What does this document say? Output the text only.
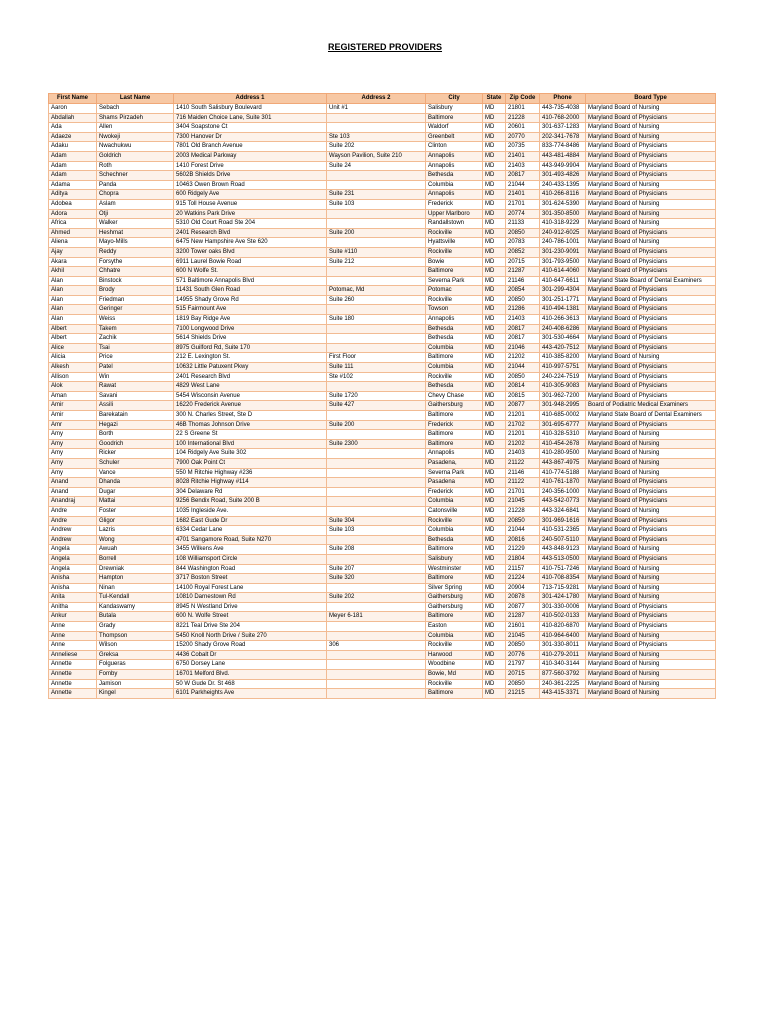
REGISTERED PROVIDERS
First Name	Last Name	Address 1	Address 2	City	State	Zip Code	Phone	Board Type
Aaron	Sebach	1410 South Salisbury Boulevard	Unit #1	Salisbury	MD	21801	443-735-4038	Maryland Board of Nursing
Abdallah	Shams Pirzadeh	716 Maiden Choice Lane, Suite 301		Baltimore	MD	21228	410-768-2000	Maryland Board of Physicians
Ada	Allen	3404 Soapstone Ct		Waldorf	MD	20601	301-637-1283	Maryland Board of Nursing
Adaeze	Nwokeji	7300 Hanover Dr	Ste 103	Greenbelt	MD	20770	202-341-7678	Maryland Board of Nursing
Adaku	Nwachukwu	7801 Old Branch Avenue	Suite 202	Clinton	MD	20735	833-774-8486	Maryland Board of Physicians
Adam	Goldrich	2003 Medical Parkway	Wayson Pavilion, Suite 210	Annapolis	MD	21401	443-481-4884	Maryland Board of Physicians
Adam	Roth	1410 Forest Drive	Suite 24	Annapolis	MD	21403	443-949-9904	Maryland Board of Physicians
Adam	Schechner	5602B Shields Drive		Bethesda	MD	20817	301-493-4826	Maryland Board of Physicians
Adama	Panda	10463 Owen Brown Road		Columbia	MD	21044	240-433-1395	Maryland Board of Nursing
Aditya	Chopra	600 Ridgely Ave	Suite 231	Annapolis	MD	21401	410-266-8116	Maryland Board of Physicians
Adobea	Aslam	915 Toll House Avenue	Suite 103	Frederick	MD	21701	301-624-5390	Maryland Board of Nursing
Adora	Otji	20 Watkins Park Drive		Upper Marlboro	MD	20774	301-350-8500	Maryland Board of Nursing
Africa	Walker	5310 Old Court Road Ste 204		Randallstown	MD	21133	410-318-9229	Maryland Board of Nursing
Ahmed	Heshmat	2401 Research Blvd	Suite 200	Rockville	MD	20850	240-912-6025	Maryland Board of Physicians
Aliena	Mayo-Mills	6475 New Hampshire Ave Ste 620		Hyattsville	MD	20783	240-786-1001	Maryland Board of Nursing
Ajay	Reddy	3200 Tower oaks Blvd	Suite #110	Rockville	MD	20852	301-230-9091	Maryland Board of Physicians
Akara	Forsythe	6911 Laurel Bowie Road	Suite 212	Bowie	MD	20715	301-793-9500	Maryland Board of Physicians
Akhil	Chhatre	600 N Wolfe St.		Baltimore	MD	21287	410-614-4060	Maryland Board of Physicians
Alan	Binstock	571 Baltimore Annapolis Blvd		Severna Park	MD	21146	410-647-6611	Maryland State Board of Dental Examiners
Alan	Brody	11431 South Glen Road	Potomac, Md	Potomac	MD	20854	301-299-4304	Maryland Board of Physicians
Alan	Friedman	14955 Shady Grove Rd	Suite 260	Rockville	MD	20850	301-251-1771	Maryland Board of Physicians
Alan	Geringer	515 Fairmount Ave		Towson	MD	21286	410-494-1381	Maryland Board of Physicians
Alan	Weiss	1819 Bay Ridge Ave	Suite 180	Annapolis	MD	21403	410-266-3613	Maryland Board of Physicians
Albert	Takem	7100 Longwood Drive		Bethesda	MD	20817	240-408-6286	Maryland Board of Physicians
Albert	Zachik	5614 Shields Drive		Bethesda	MD	20817	301-530-4664	Maryland Board of Physicians
Alice	Tsai	8975 Guilford Rd, Suite 170		Columbia	MD	21046	443-420-7512	Maryland Board of Physicians
Alicia	Price	212 E. Lexington St.	First Floor	Baltimore	MD	21202	410-385-8200	Maryland Board of Nursing
Alkesh	Patel	10632 Little Patuxent Pkwy	Suite 111	Columbia	MD	21044	410-997-5751	Maryland Board of Physicians
Allison	Win	2401 Research Blvd	Ste #102	Rockville	MD	20850	240-224-7519	Maryland Board of Physicians
Alok	Rawat	4829 West Lane		Bethesda	MD	20814	410-305-9083	Maryland Board of Physicians
Aman	Savani	5454 Wisconsin Avenue	Suite 1720	Chevy Chase	MD	20815	301-962-7200	Maryland Board of Physicians
Amir	Assili	16220 Frederick Avenue	Suite 427	Gaithersburg	MD	20877	301-948-2995	Board of Podiatric Medical Examiners
Amir	Barekatain	300 N. Charles Street, Ste D		Baltimore	MD	21201	410-685-0002	Maryland State Board of Dental Examiners
Amr	Hegazi	46B Thomas Johnson Drive	Suite 200	Frederick	MD	21702	301-695-6777	Maryland Board of Physicians
Amy	Borth	22 S Greene St		Baltimore	MD	21201	410-328-5310	Maryland Board of Nursing
Amy	Goodrich	100 International Blvd	Suite 2300	Baltimore	MD	21202	410-454-2678	Maryland Board of Nursing
Amy	Ricker	104 Ridgely Ave Suite 302		Annapolis	MD	21403	410-280-9500	Maryland Board of Nursing
Amy	Schuler	7900 Oak Point Ct		Pasadena,	MD	21122	443-867-4975	Maryland Board of Nursing
Amy	Vance	550 M Ritchie Highway #236		Severna Park	MD	21146	410-774-5188	Maryland Board of Nursing
Anand	Dhanda	8028 Ritchie Highway #114		Pasadena	MD	21122	410-761-1870	Maryland Board of Physicians
Anand	Dugar	304 Delaware Rd		Frederick	MD	21701	240-356-1000	Maryland Board of Physicians
Anandraj	Mattai	9256 Bendix Road, Suite 200 B		Columbia	MD	21045	443-542-0773	Maryland Board of Physicians
Andre	Foster	1035 Ingleside Ave.		Catonsville	MD	21228	443-324-6841	Maryland Board of Nursing
Andre	Gligor	1682 East Gude Dr	Suite 304	Rockville	MD	20850	301-969-1616	Maryland Board of Physicians
Andrew	Lazris	6334 Cedar Lane	Suite 103	Columbia	MD	21044	410-531-2365	Maryland Board of Physicians
Andrew	Wong	4701 Sangamore Road, Suite N270		Bethesda	MD	20816	240-507-5110	Maryland Board of Physicians
Angela	Awuah	3455 Wilkens Ave	Suite 208	Baltimore	MD	21229	443-848-9123	Maryland Board of Nursing
Angela	Borrell	108 Williamsport Circle		Salisbury	MD	21804	443-513-0500	Maryland Board of Physicians
Angela	Drewniak	844 Washington Road	Suite 207	Westminster	MD	21157	410-751-7246	Maryland Board of Nursing
Anisha	Hampton	3717 Boston Street	Suite 320	Baltimore	MD	21224	410-708-8354	Maryland Board of Nursing
Anisha	Ninan	14100 Royal Forest Lane		Silver Spring	MD	20904	713-715-9281	Maryland Board of Nursing
Anita	Tul-Kendall	10810 Darnestown Rd	Suite 202	Gaithersburg	MD	20878	301-424-1780	Maryland Board of Nursing
Anitha	Kandaswamy	8945 N Westland Drive		Gaithersburg	MD	20877	301-330-0006	Maryland Board of Physicians
Ankur	Butala	600 N. Wolfe Street	Meyer 6-181	Baltimore	MD	21287	410-502-0133	Maryland Board of Physicians
Anne	Grady	8221 Teal Drive Ste 204		Easton	MD	21601	410-820-6870	Maryland Board of Physicians
Anne	Thompson	5450 Knoll North Drive / Suite 270		Columbia	MD	21045	410-964-6400	Maryland Board of Nursing
Anne	Wilson	15200 Shady Grove Road	306	Rockville	MD	20850	301-330-8011	Maryland Board of Physicians
Anneliese	Greksa	4436 Cobalt Dr		Harwood	MD	20776	410-279-2011	Maryland Board of Nursing
Annette	Folgueras	6750 Dorsey Lane		Woodbine	MD	21797	410-340-3144	Maryland Board of Nursing
Annette	Fomby	16701 Melford Blvd.		Bowie, Md	MD	20715	877-560-3792	Maryland Board of Nursing
Annette	Jamison	50 W Gude Dr. St 468		Rockville	MD	20850	240-361-2225	Maryland Board of Nursing
Annette	Kingel	6101 Parkheights Ave		Baltimore	MD	21215	443-415-3371	Maryland Board of Nursing
